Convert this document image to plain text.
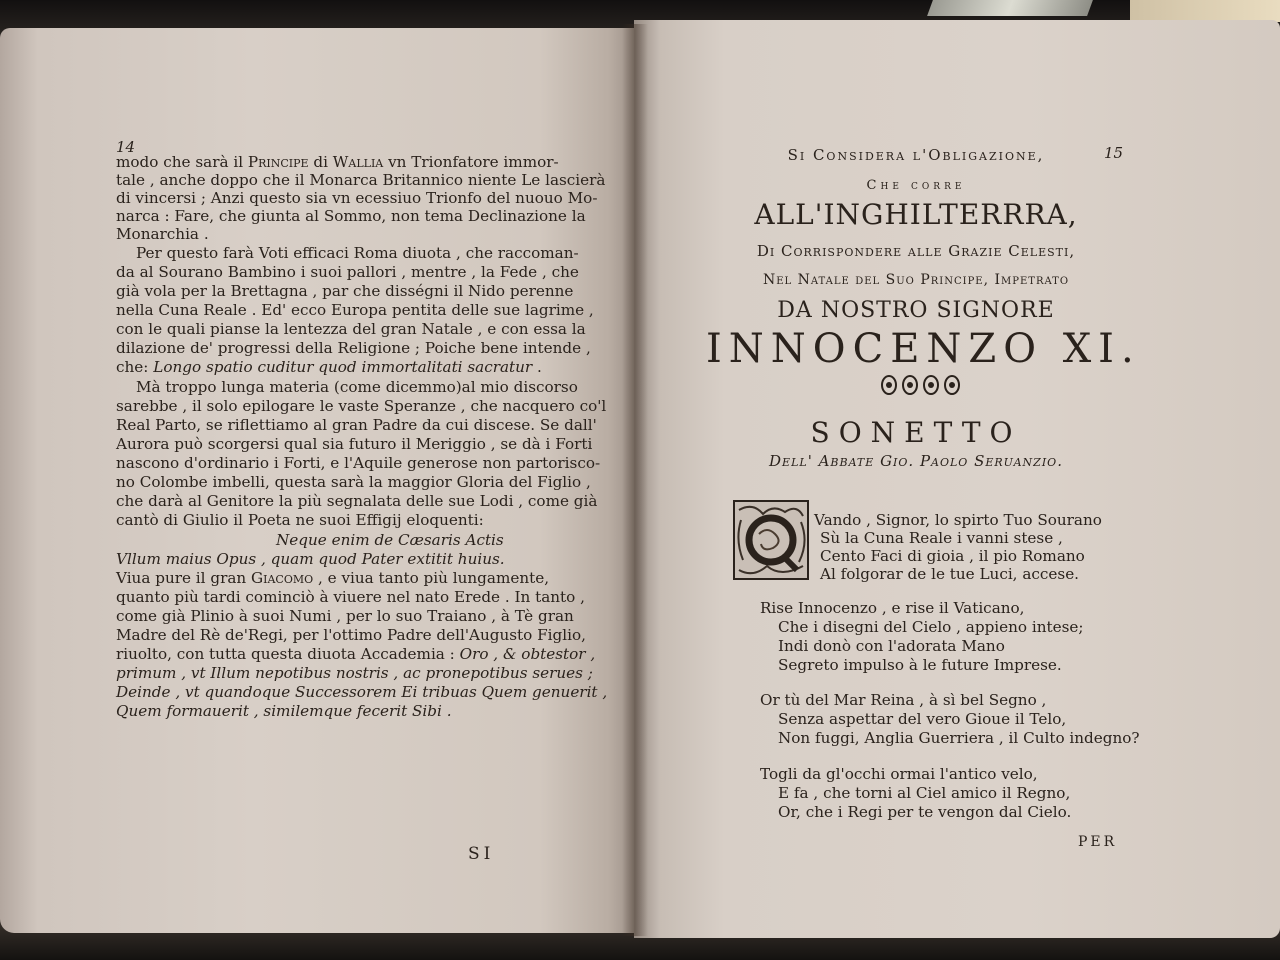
14
modo che sarà il Principe di Wallia vn Trionfatore immor-
tale , anche doppo che il Monarca Britannico niente Le lascierà
di vincersi ; Anzi questo sia vn ecessiuo Trionfo del nuouo Mo-
narca : Fare, che giunta al Sommo, non tema Declinazione la
Monarchia .
Per questo farà Voti efficaci Roma diuota , che raccoman-
da al Sourano Bambino i suoi pallori , mentre , la Fede , che
già vola per la Brettagna , par che disségni il Nido perenne
nella Cuna Reale . Ed' ecco Europa pentita delle sue lagrime ,
con le quali pianse la lentezza del gran Natale , e con essa la
dilazione de' progressi della Religione ; Poiche bene intende ,
che: Longo spatio cuditur quod immortalitati sacratur .
Mà troppo lunga materia (come dicemmo)al mio discorso
sarebbe , il solo epilogare le vaste Speranze , che nacquero co'l
Real Parto, se riflettiamo al gran Padre da cui discese. Se dall'
Aurora può scorgersi qual sia futuro il Meriggio , se dà i Forti
nascono d'ordinario i Forti, e l'Aquile generose non partorisco-
no Colombe imbelli, questa sarà la maggior Gloria del Figlio ,
che darà al Genitore la più segnalata delle sue Lodi , come già
cantò di Giulio il Poeta ne suoi Effigij eloquenti:
Neque enim de Cæsaris Actis
Vllum maius Opus , quam quod Pater extitit huius.
Viua pure il gran Giacomo , e viua tanto più lungamente,
quanto più tardi cominciò à viuere nel nato Erede . In tanto ,
come già Plinio à suoi Numi , per lo suo Traiano , à Tè gran
Madre del Rè de'Regi, per l'ottimo Padre dell'Augusto Figlio,
riuolto, con tutta questa diuota Accademia : Oro , & obtestor ,
primum , vt Illum nepotibus nostris , ac pronepotibus serues ;
Deinde , vt quandoque Successorem Ei tribuas Quem genuerit ,
Quem formauerit , similemque fecerit Sibi .
SI
15
Si Considera l'Obligazione,
Che corre
ALL'INGHILTERRRA,
Di Corrispondere alle Grazie Celesti,
Nel Natale del Suo Principe, Impetrato
DA NOSTRO SIGNORE
INNOCENZO XI.
SONETTO
Dell' Abbate Gio. Paolo Seruanzio.
Vando , Signor, lo spirto Tuo Sourano
Sù la Cuna Reale i vanni stese ,
Cento Faci di gioia , il pio Romano
Al folgorar de le tue Luci, accese.
Rise Innocenzo , e rise il Vaticano,
Che i disegni del Cielo , appieno intese;
Indi donò con l'adorata Mano
Segreto impulso à le future Imprese.
Or tù del Mar Reina , à sì bel Segno ,
Senza aspettar del vero Gioue il Telo,
Non fuggi, Anglia Guerriera , il Culto indegno?
Togli da gl'occhi ormai l'antico velo,
E fa , che torni al Ciel amico il Regno,
Or, che i Regi per te vengon dal Cielo.
PER
